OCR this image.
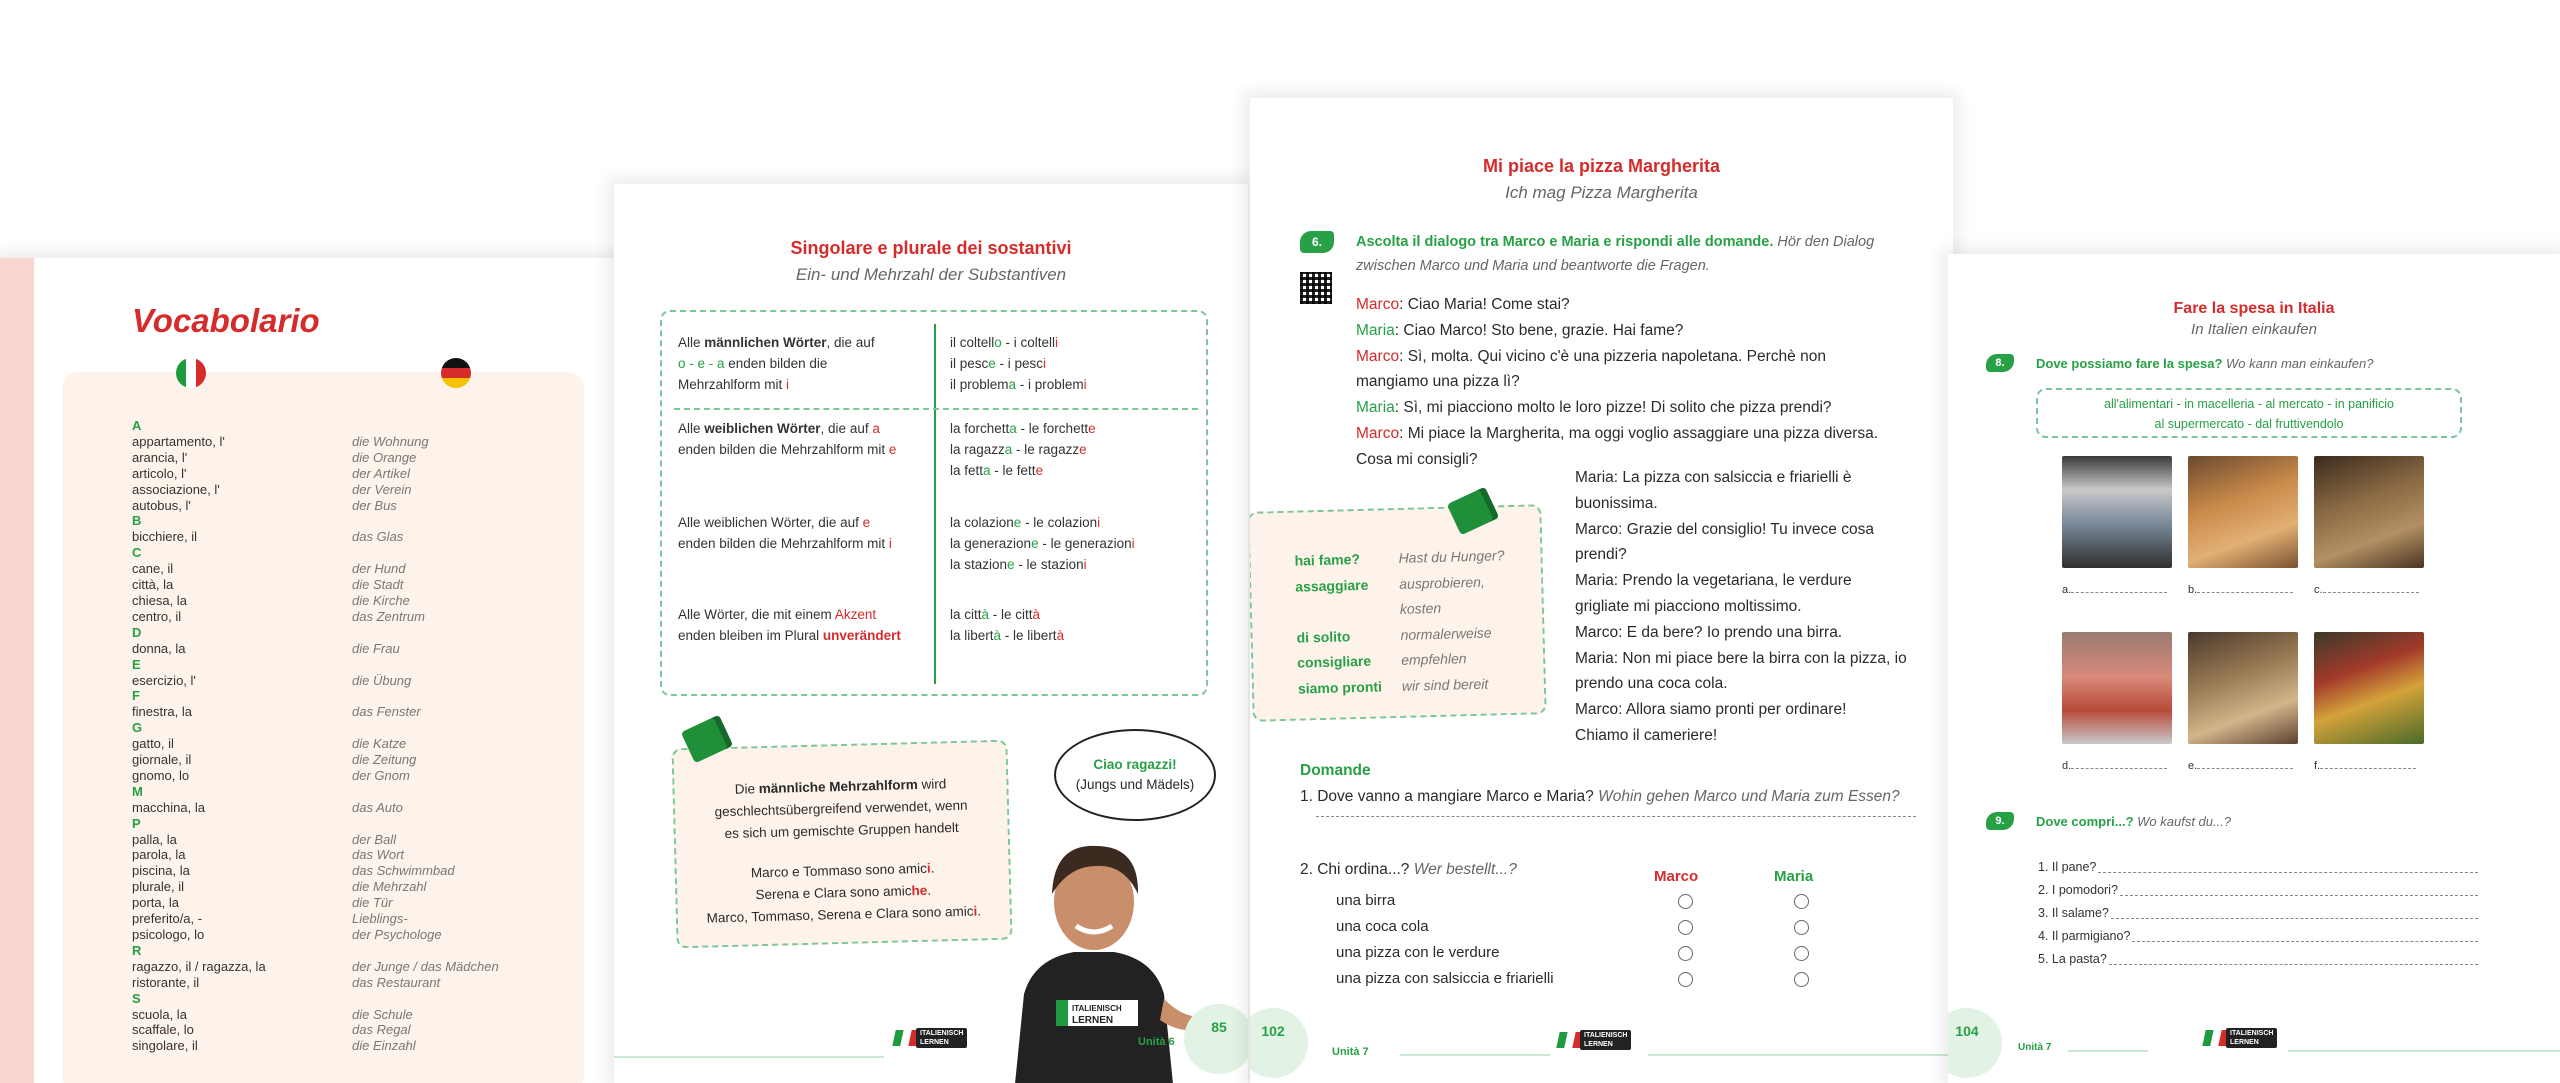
Vocabolario
A
appartamento, l'	die Wohnung
arancia, l'	die Orange
articolo, l'	der Artikel
associazione, l'	der Verein
autobus, l'	der Bus
B
bicchiere, il	das Glas
C
cane, il	der Hund
città, la	die Stadt
chiesa, la	die Kirche
centro, il	das Zentrum
D
donna, la	die Frau
E
esercizio, l'	die Übung
F
finestra, la	das Fenster
G
gatto, il	die Katze
giornale, il	die Zeitung
gnomo, lo	der Gnom
M
macchina, la	das Auto
P
palla, la	der Ball
parola, la	das Wort
piscina, la	das Schwimmbad
plurale, il	die Mehrzahl
porta, la	die Tür
preferito/a, -	Lieblings-
psicologo, lo	der Psychologe
R
ragazzo, il / ragazza, la	der Junge / das Mädchen
ristorante, il	das Restaurant
S
scuola, la	die Schule
scaffale, lo	das Regal
singolare, il	die Einzahl
Singolare e plurale dei sostantivi
Ein- und Mehrzahl der Substantiven
Alle männlichen Wörter, die auf
o - e - a enden bilden die
Mehrzahlform mit i
il coltello - i coltelli
il pesce - i pesci
il problema - i problemi
Alle weiblichen Wörter, die auf a
enden bilden die Mehrzahlform mit e
la forchetta - le forchette
la ragazza - le ragazze
la fetta - le fette
Alle weiblichen Wörter, die auf e
enden bilden die Mehrzahlform mit i
la colazione - le colazioni
la generazione - le generazioni
la stazione - le stazioni
Alle Wörter, die mit einem Akzent
enden bleiben im Plural unverändert
la città - le città
la libertà - le libertà
Die männliche Mehrzahlform wird
geschlechtsübergreifend verwendet, wenn
es sich um gemischte Gruppen handelt
Marco e Tommaso sono amici.
Serena e Clara sono amiche.
Marco, Tommaso, Serena e Clara sono amici.
Ciao ragazzi!
(Jungs und Mädels)
ITALIENISCH
LERNEN
ITALIENISCH
LERNEN	Unità 6
85
Mi piace la pizza Margherita
Ich mag Pizza Margherita
6.	Ascolta il dialogo tra Marco e Maria e rispondi alle domande. Hör den Dialog
zwischen Marco und Maria und beantworte die Fragen.
Marco: Ciao Maria! Come stai?
Maria: Ciao Marco! Sto bene, grazie. Hai fame?
Marco: Sì, molta. Qui vicino c'è una pizzeria napoletana. Perchè non
mangiamo una pizza lì?
Maria: Sì, mi piacciono molto le loro pizze! Di solito che pizza prendi?
Marco: Mi piace la Margherita, ma oggi voglio assaggiare una pizza diversa.
Cosa mi consigli?
Maria: La pizza con salsiccia e friarielli è
buonissima.
Marco: Grazie del consiglio! Tu invece cosa
prendi?
Maria: Prendo la vegetariana, le verdure
grigliate mi piacciono moltissimo.
Marco: E da bere? Io prendo una birra.
Maria: Non mi piace bere la birra con la pizza, io
prendo una coca cola.
Marco: Allora siamo pronti per ordinare!
Chiamo il cameriere!
hai fame?	Hast du Hunger?
assaggiare	ausprobieren,
kosten
di solito	normalerweise
consigliare	empfehlen
siamo pronti	wir sind bereit
Domande
1. Dove vanno a mangiare Marco e Maria? Wohin gehen Marco und Maria zum Essen?
2. Chi ordina...? Wer bestellt...?	Marco	Maria
102
Unità 7
ITALIENISCH
LERNEN
una birra
una coca cola
una pizza con le verdure
una pizza con salsiccia e friarielli
Fare la spesa in Italia
In Italien einkaufen
8.	Dove possiamo fare la spesa? Wo kann man einkaufen?
all'alimentari - in macelleria - al mercato - in panificio
al supermercato - dal fruttivendolo
9.	Dove compri...? Wo kaufst du...?
1. Il pane?
2. I pomodori?
3. Il salame?
4. Il parmigiano?
5. La pasta?
104
Unità 7
ITALIENISCH
LERNEN
a.	b.	c.
d.	e.	f.
